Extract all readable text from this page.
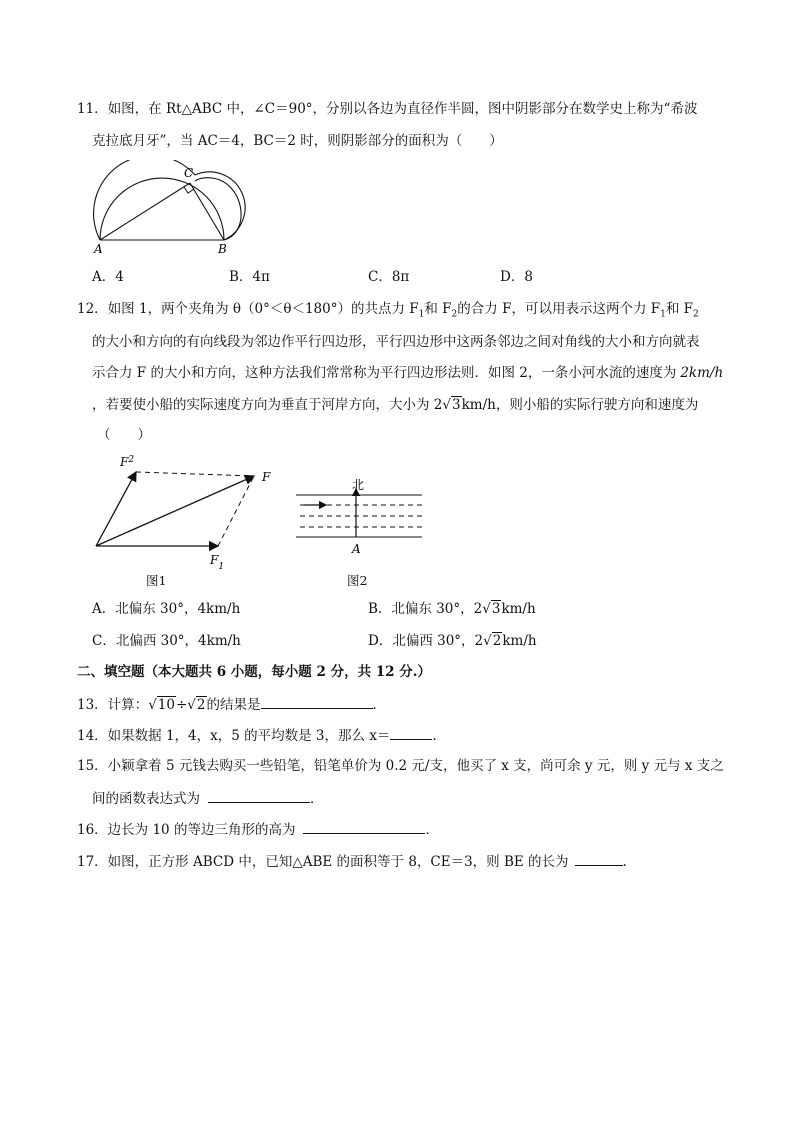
11．如图，在 Rt△ABC 中，∠C＝90°，分别以各边为直径作半圆，图中阴影部分在数学史上称为“希波
克拉底月牙”，当 AC＝4，BC＝2 时，则阴影部分的面积为（　　）
A	B
C
A．4	B．4π	C．8π	D．8
12．如图 1，两个夹角为 θ（0°＜θ＜180°）的共点力 $F_1$和 $F_2$的合力 F，可以用表示这两个力 $F_1$和 $F_2$
的大小和方向的有向线段为邻边作平行四边形，平行四边形中这两条邻边之间对角线的大小和方向就表
示合力 F 的大小和方向，这种方法我们常常称为平行四边形法则．如图 2，一条小河水流的速度为 2km/h
，若要使小船的实际速度方向为垂直于河岸方向，大小为 2√3km/h，则小船的实际行驶方向和速度为
（　　）
$F^2$
$F_1$
F
图1
北
A
图2
A．北偏东 30°，4km/h	B．北偏东 30°，2√3km/h
C．北偏西 30°，4km/h	D．北偏西 30°，2√2km/h
二、填空题（本大题共 6 小题，每小题 2 分，共 12 分.）
13．计算：√10÷√2的结果是	．
14．如果数据 1，4，x，5 的平均数是 3，那么 x＝	．
15．小颖拿着 5 元钱去购买一些铅笔，铅笔单价为 0.2 元/支，他买了 x 支，尚可余 y 元，则 y 元与 x 支之
间的函数表达式为	．
16．边长为 10 的等边三角形的高为	．
17．如图，正方形 ABCD 中，已知△ABE 的面积等于 8，CE＝3，则 BE 的长为	.
